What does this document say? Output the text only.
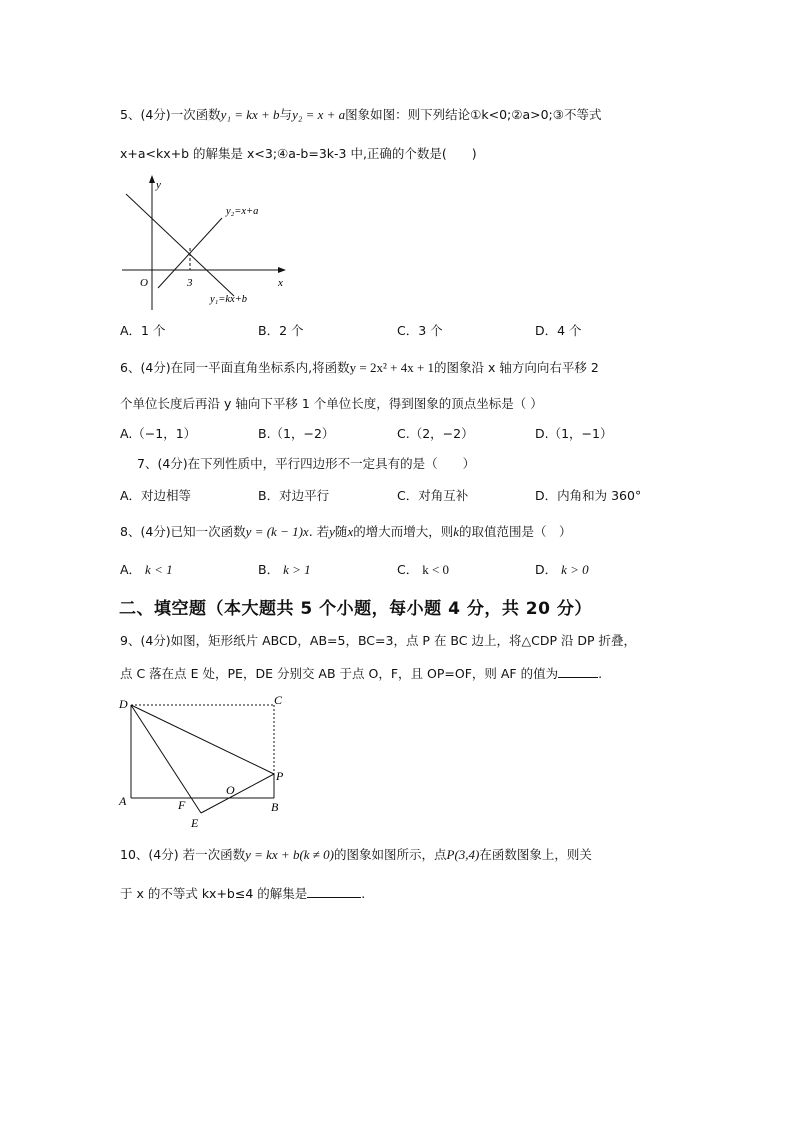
5、(4分)一次函数y₁ = kx + b与y₂ = x + a图象如图：则下列结论①k<0;②a>0;③不等式
x+a<kx+b 的解集是 x<3;④a-b=3k-3 中,正确的个数是(　　)
y
x
O	3
y₂=x+a
y₁=kx+b
A．1 个	B．2 个	C．3 个	D．4 个
6、(4分)在同一平面直角坐标系内,将函数y = 2x² + 4x + 1的图象沿 x 轴方向向右平移 2
个单位长度后再沿 y 轴向下平移 1 个单位长度，得到图象的顶点坐标是（ ）
A.（−1，1）	B.（1，−2）	C.（2，−2）	D.（1，−1）
7、(4分)在下列性质中，平行四边形不一定具有的是（　　）
A．对边相等	B．对边平行	C．对角互补	D．内角和为 360°
8、(4分)已知一次函数y = (k − 1)x. 若y随x的增大而增大，则k的取值范围是（　）
A． k < 1	B． k > 1	C． k < 0	D． k > 0
二、填空题（本大题共 5 个小题，每小题 4 分，共 20 分）
9、(4分)如图，矩形纸片 ABCD，AB=5，BC=3，点 P 在 BC 边上，将△CDP 沿 DP 折叠，
点 C 落在点 E 处，PE，DE 分别交 AB 于点 O，F，且 OP=OF，则 AF 的值为	.
D	C
A	B
P
F
O
E
10、(4分) 若一次函数y = kx + b(k ≠ 0)的图象如图所示，点P(3,4)在函数图象上，则关
于 x 的不等式 kx+b≤4 的解集是	.
